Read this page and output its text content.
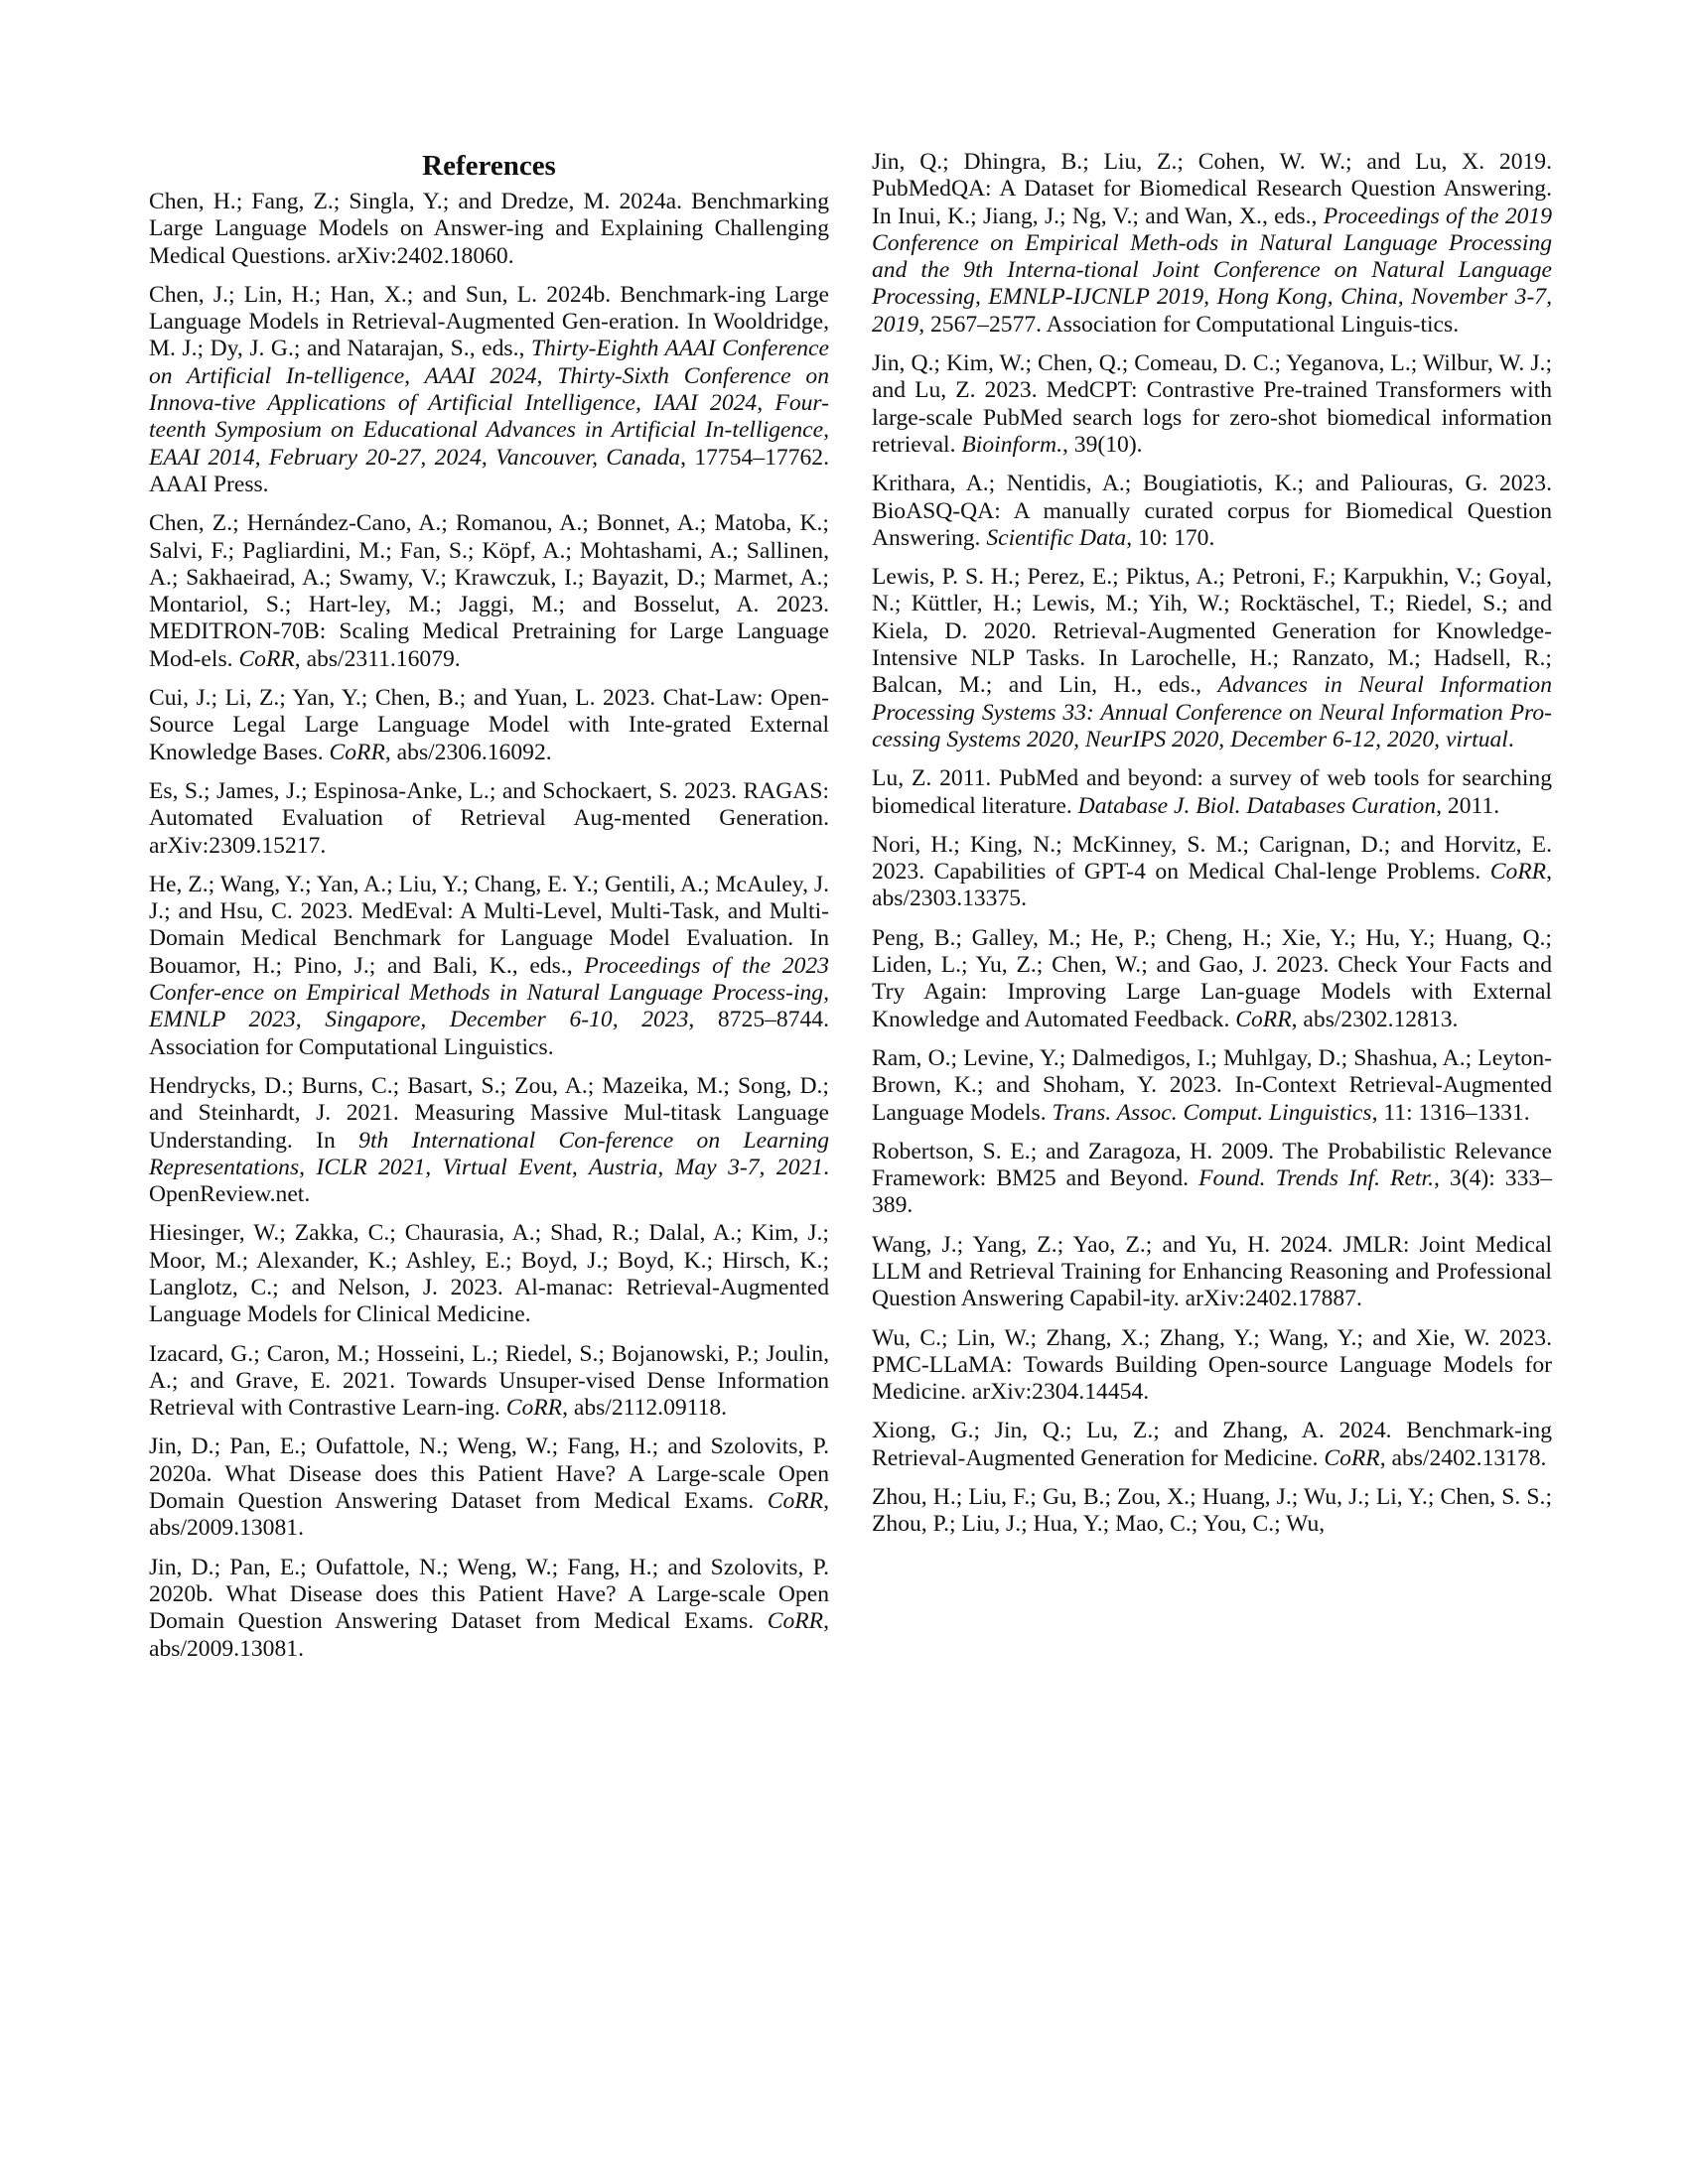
References

Chen, H.; Fang, Z.; Singla, Y.; and Dredze, M. 2024a. Benchmarking Large Language Models on Answer-ing and Explaining Challenging Medical Questions. arXiv:2402.18060.

Chen, J.; Lin, H.; Han, X.; and Sun, L. 2024b. Benchmark-ing Large Language Models in Retrieval-Augmented Gen-eration. In Wooldridge, M. J.; Dy, J. G.; and Natarajan, S., eds., Thirty-Eighth AAAI Conference on Artificial In-telligence, AAAI 2024, Thirty-Sixth Conference on Innova-tive Applications of Artificial Intelligence, IAAI 2024, Four-teenth Symposium on Educational Advances in Artificial In-telligence, EAAI 2014, February 20-27, 2024, Vancouver, Canada, 17754–17762. AAAI Press.

Chen, Z.; Hernández-Cano, A.; Romanou, A.; Bonnet, A.; Matoba, K.; Salvi, F.; Pagliardini, M.; Fan, S.; Köpf, A.; Mohtashami, A.; Sallinen, A.; Sakhaeirad, A.; Swamy, V.; Krawczuk, I.; Bayazit, D.; Marmet, A.; Montariol, S.; Hart-ley, M.; Jaggi, M.; and Bosselut, A. 2023. MEDITRON-70B: Scaling Medical Pretraining for Large Language Mod-els. CoRR, abs/2311.16079.

Cui, J.; Li, Z.; Yan, Y.; Chen, B.; and Yuan, L. 2023. Chat-Law: Open-Source Legal Large Language Model with Inte-grated External Knowledge Bases. CoRR, abs/2306.16092.

Es, S.; James, J.; Espinosa-Anke, L.; and Schockaert, S. 2023. RAGAS: Automated Evaluation of Retrieval Aug-mented Generation. arXiv:2309.15217.

He, Z.; Wang, Y.; Yan, A.; Liu, Y.; Chang, E. Y.; Gentili, A.; McAuley, J. J.; and Hsu, C. 2023. MedEval: A Multi-Level, Multi-Task, and Multi-Domain Medical Benchmark for Language Model Evaluation. In Bouamor, H.; Pino, J.; and Bali, K., eds., Proceedings of the 2023 Confer-ence on Empirical Methods in Natural Language Process-ing, EMNLP 2023, Singapore, December 6-10, 2023, 8725–8744. Association for Computational Linguistics.

Hendrycks, D.; Burns, C.; Basart, S.; Zou, A.; Mazeika, M.; Song, D.; and Steinhardt, J. 2021. Measuring Massive Mul-titask Language Understanding. In 9th International Con-ference on Learning Representations, ICLR 2021, Virtual Event, Austria, May 3-7, 2021. OpenReview.net.

Hiesinger, W.; Zakka, C.; Chaurasia, A.; Shad, R.; Dalal, A.; Kim, J.; Moor, M.; Alexander, K.; Ashley, E.; Boyd, J.; Boyd, K.; Hirsch, K.; Langlotz, C.; and Nelson, J. 2023. Al-manac: Retrieval-Augmented Language Models for Clinical Medicine.

Izacard, G.; Caron, M.; Hosseini, L.; Riedel, S.; Bojanowski, P.; Joulin, A.; and Grave, E. 2021. Towards Unsuper-vised Dense Information Retrieval with Contrastive Learn-ing. CoRR, abs/2112.09118.

Jin, D.; Pan, E.; Oufattole, N.; Weng, W.; Fang, H.; and Szolovits, P. 2020a. What Disease does this Patient Have? A Large-scale Open Domain Question Answering Dataset from Medical Exams. CoRR, abs/2009.13081.

Jin, D.; Pan, E.; Oufattole, N.; Weng, W.; Fang, H.; and Szolovits, P. 2020b. What Disease does this Patient Have? A Large-scale Open Domain Question Answering Dataset from Medical Exams. CoRR, abs/2009.13081.

Jin, Q.; Dhingra, B.; Liu, Z.; Cohen, W. W.; and Lu, X. 2019. PubMedQA: A Dataset for Biomedical Research Question Answering. In Inui, K.; Jiang, J.; Ng, V.; and Wan, X., eds., Proceedings of the 2019 Conference on Empirical Meth-ods in Natural Language Processing and the 9th Interna-tional Joint Conference on Natural Language Processing, EMNLP-IJCNLP 2019, Hong Kong, China, November 3-7, 2019, 2567–2577. Association for Computational Linguis-tics.

Jin, Q.; Kim, W.; Chen, Q.; Comeau, D. C.; Yeganova, L.; Wilbur, W. J.; and Lu, Z. 2023. MedCPT: Contrastive Pre-trained Transformers with large-scale PubMed search logs for zero-shot biomedical information retrieval. Bioinform., 39(10).

Krithara, A.; Nentidis, A.; Bougiatiotis, K.; and Paliouras, G. 2023. BioASQ-QA: A manually curated corpus for Biomedical Question Answering. Scientific Data, 10: 170.

Lewis, P. S. H.; Perez, E.; Piktus, A.; Petroni, F.; Karpukhin, V.; Goyal, N.; Küttler, H.; Lewis, M.; Yih, W.; Rocktäschel, T.; Riedel, S.; and Kiela, D. 2020. Retrieval-Augmented Generation for Knowledge-Intensive NLP Tasks. In Larochelle, H.; Ranzato, M.; Hadsell, R.; Balcan, M.; and Lin, H., eds., Advances in Neural Information Processing Systems 33: Annual Conference on Neural Information Pro-cessing Systems 2020, NeurIPS 2020, December 6-12, 2020, virtual.

Lu, Z. 2011. PubMed and beyond: a survey of web tools for searching biomedical literature. Database J. Biol. Databases Curation, 2011.

Nori, H.; King, N.; McKinney, S. M.; Carignan, D.; and Horvitz, E. 2023. Capabilities of GPT-4 on Medical Chal-lenge Problems. CoRR, abs/2303.13375.

Peng, B.; Galley, M.; He, P.; Cheng, H.; Xie, Y.; Hu, Y.; Huang, Q.; Liden, L.; Yu, Z.; Chen, W.; and Gao, J. 2023. Check Your Facts and Try Again: Improving Large Lan-guage Models with External Knowledge and Automated Feedback. CoRR, abs/2302.12813.

Ram, O.; Levine, Y.; Dalmedigos, I.; Muhlgay, D.; Shashua, A.; Leyton-Brown, K.; and Shoham, Y. 2023. In-Context Retrieval-Augmented Language Models. Trans. Assoc. Comput. Linguistics, 11: 1316–1331.

Robertson, S. E.; and Zaragoza, H. 2009. The Probabilistic Relevance Framework: BM25 and Beyond. Found. Trends Inf. Retr., 3(4): 333–389.

Wang, J.; Yang, Z.; Yao, Z.; and Yu, H. 2024. JMLR: Joint Medical LLM and Retrieval Training for Enhancing Reasoning and Professional Question Answering Capabil-ity. arXiv:2402.17887.

Wu, C.; Lin, W.; Zhang, X.; Zhang, Y.; Wang, Y.; and Xie, W. 2023. PMC-LLaMA: Towards Building Open-source Language Models for Medicine. arXiv:2304.14454.

Xiong, G.; Jin, Q.; Lu, Z.; and Zhang, A. 2024. Benchmark-ing Retrieval-Augmented Generation for Medicine. CoRR, abs/2402.13178.

Zhou, H.; Liu, F.; Gu, B.; Zou, X.; Huang, J.; Wu, J.; Li, Y.; Chen, S. S.; Zhou, P.; Liu, J.; Hua, Y.; Mao, C.; You, C.; Wu,
